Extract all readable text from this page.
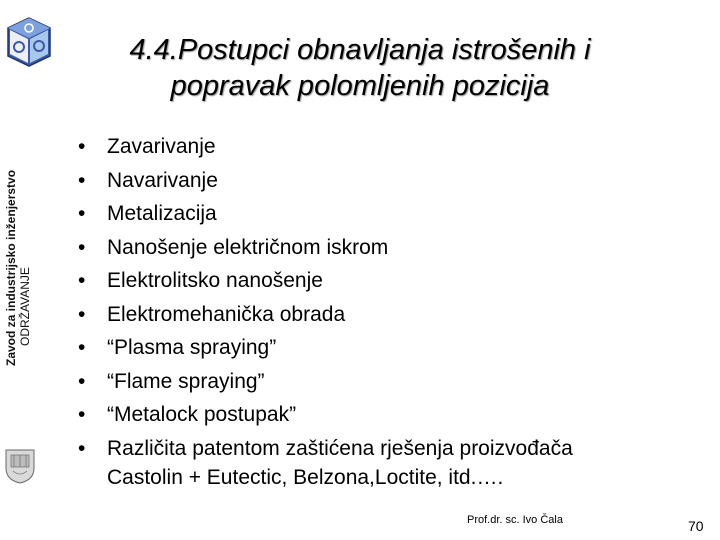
Zavod za industrijsko inženjerstvo ODRŽAVANJE
4.4.Postupci obnavljanja istrošenih i
popravak polomljenih pozicija
• Zavarivanje
• Navarivanje
• Metalizacija
• Nanošenje električnom iskrom
• Elektrolitsko nanošenje
• Elektromehanička obrada
• “Plasma spraying”
• “Flame spraying”
• “Metalock postupak”
• Različita patentom zaštićena rješenja proizvođača
Castolin + Eutectic, Belzona,Loctite, itd.….
Prof.dr. sc. Ivo Čala	70
